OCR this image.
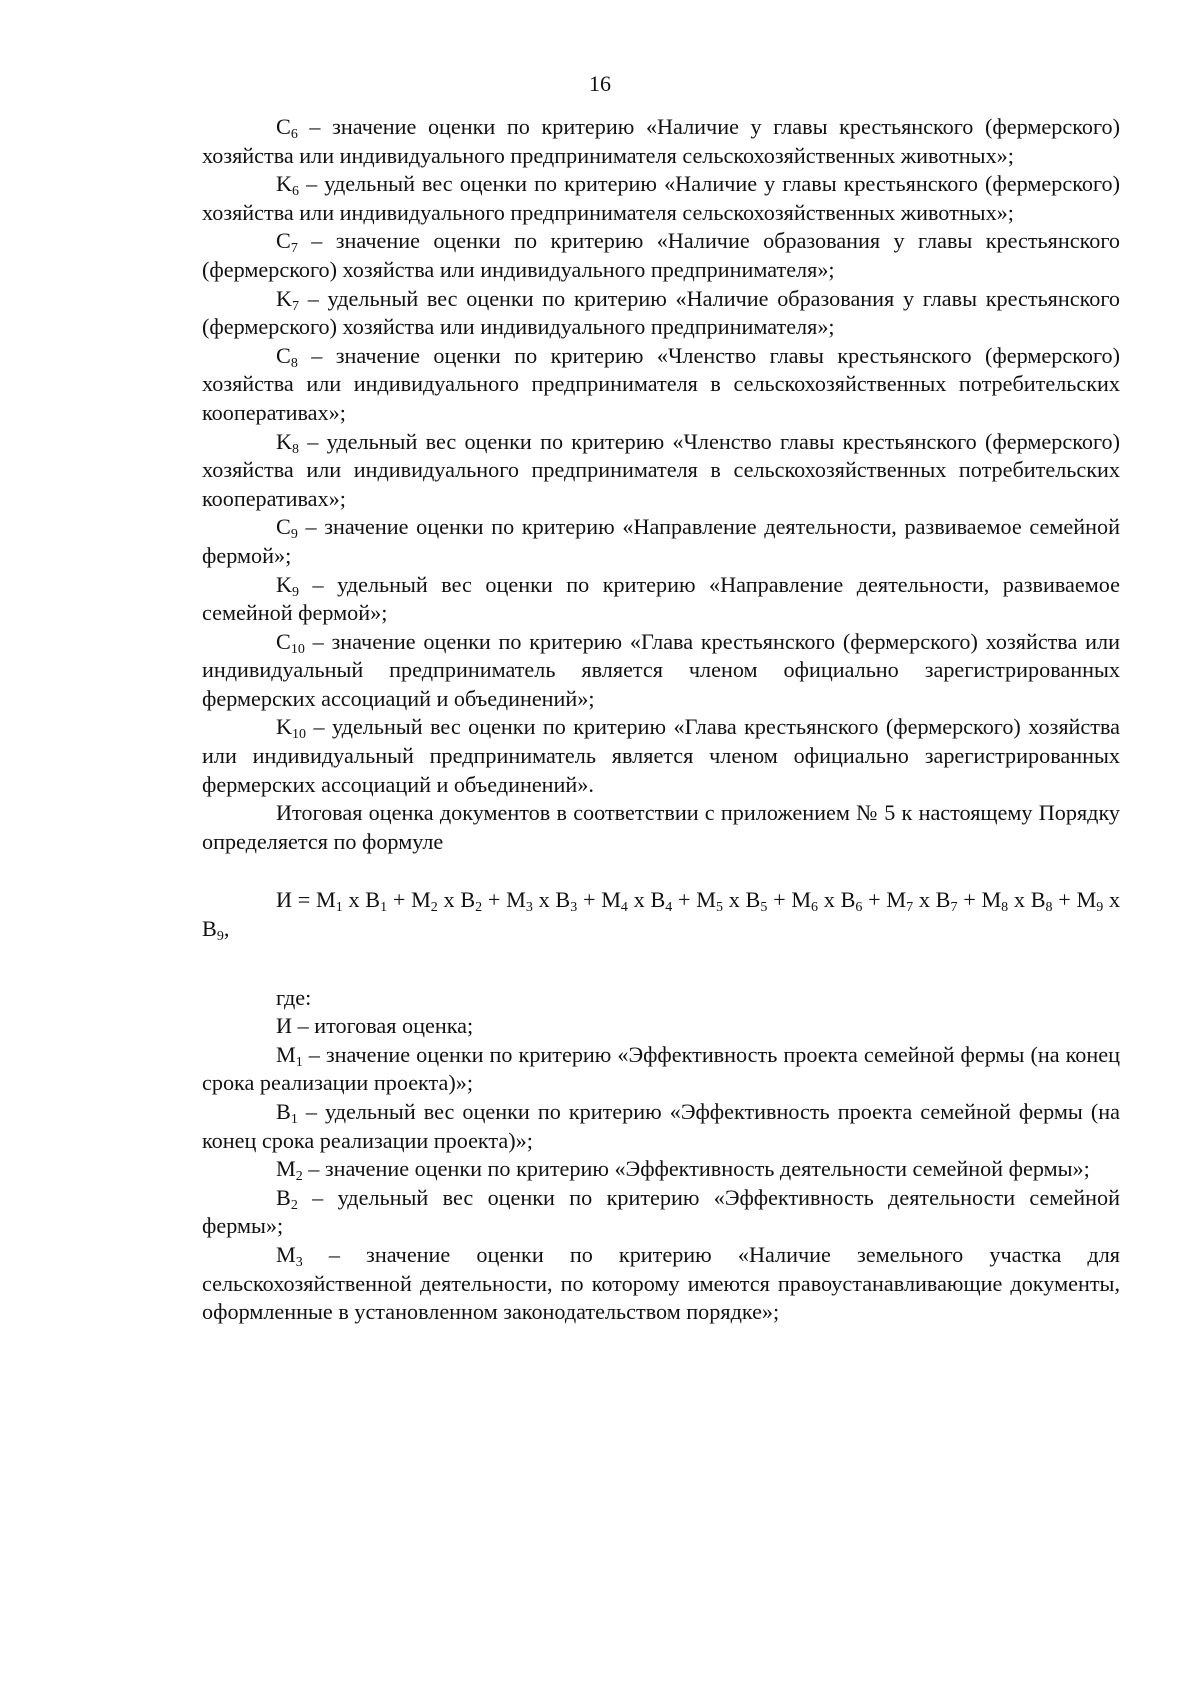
16

$C_6$ – значение оценки по критерию «Наличие у главы крестьянского (фермерского) хозяйства или индивидуального предпринимателя сельскохозяйственных животных»;

$K_6$ – удельный вес оценки по критерию «Наличие у главы крестьянского (фермерского) хозяйства или индивидуального предпринимателя сельскохозяйственных животных»;

$C_7$ – значение оценки по критерию «Наличие образования у главы крестьянского (фермерского) хозяйства или индивидуального предпринимателя»;

$K_7$ – удельный вес оценки по критерию «Наличие образования у главы крестьянского (фермерского) хозяйства или индивидуального предпринимателя»;

$C_8$ – значение оценки по критерию «Членство главы крестьянского (фермерского) хозяйства или индивидуального предпринимателя в сельскохозяйственных потребительских кооперативах»;

$K_8$ – удельный вес оценки по критерию «Членство главы крестьянского (фермерского) хозяйства или индивидуального предпринимателя в сельскохозяйственных потребительских кооперативах»;

$C_9$ – значение оценки по критерию «Направление деятельности, развиваемое семейной фермой»;

$K_9$ – удельный вес оценки по критерию «Направление деятельности, развиваемое семейной фермой»;

$C_{10}$ – значение оценки по критерию «Глава крестьянского (фермерского) хозяйства или индивидуальный предприниматель является членом официально зарегистрированных фермерских ассоциаций и объединений»;

$K_{10}$ – удельный вес оценки по критерию «Глава крестьянского (фермерского) хозяйства или индивидуальный предприниматель является членом официально зарегистрированных фермерских ассоциаций и объединений».

Итоговая оценка документов в соответствии с приложением № 5 к настоящему Порядку определяется по формуле

$И = М_1$ х $В_1 + М_2$ х $В_2 + М_3$ х $В_3 + М_4$ х $В_4 + М_5$ х $В_5 + М_6$ х $В_6 + М_7$ х $В_7 + М_8$ х $В_8 + М_9$ х $В_9$,

где:

И – итоговая оценка;

$М_1$ – значение оценки по критерию «Эффективность проекта семейной фермы (на конец срока реализации проекта)»;

$В_1$ – удельный вес оценки по критерию «Эффективность проекта семейной фермы (на конец срока реализации проекта)»;

$М_2$ – значение оценки по критерию «Эффективность деятельности семейной фермы»;

$В_2$ – удельный вес оценки по критерию «Эффективность деятельности семейной фермы»;

$М_3$ – значение оценки по критерию «Наличие земельного участка для сельскохозяйственной деятельности, по которому имеются правоустанавливающие документы, оформленные в установленном законодательством порядке»;
